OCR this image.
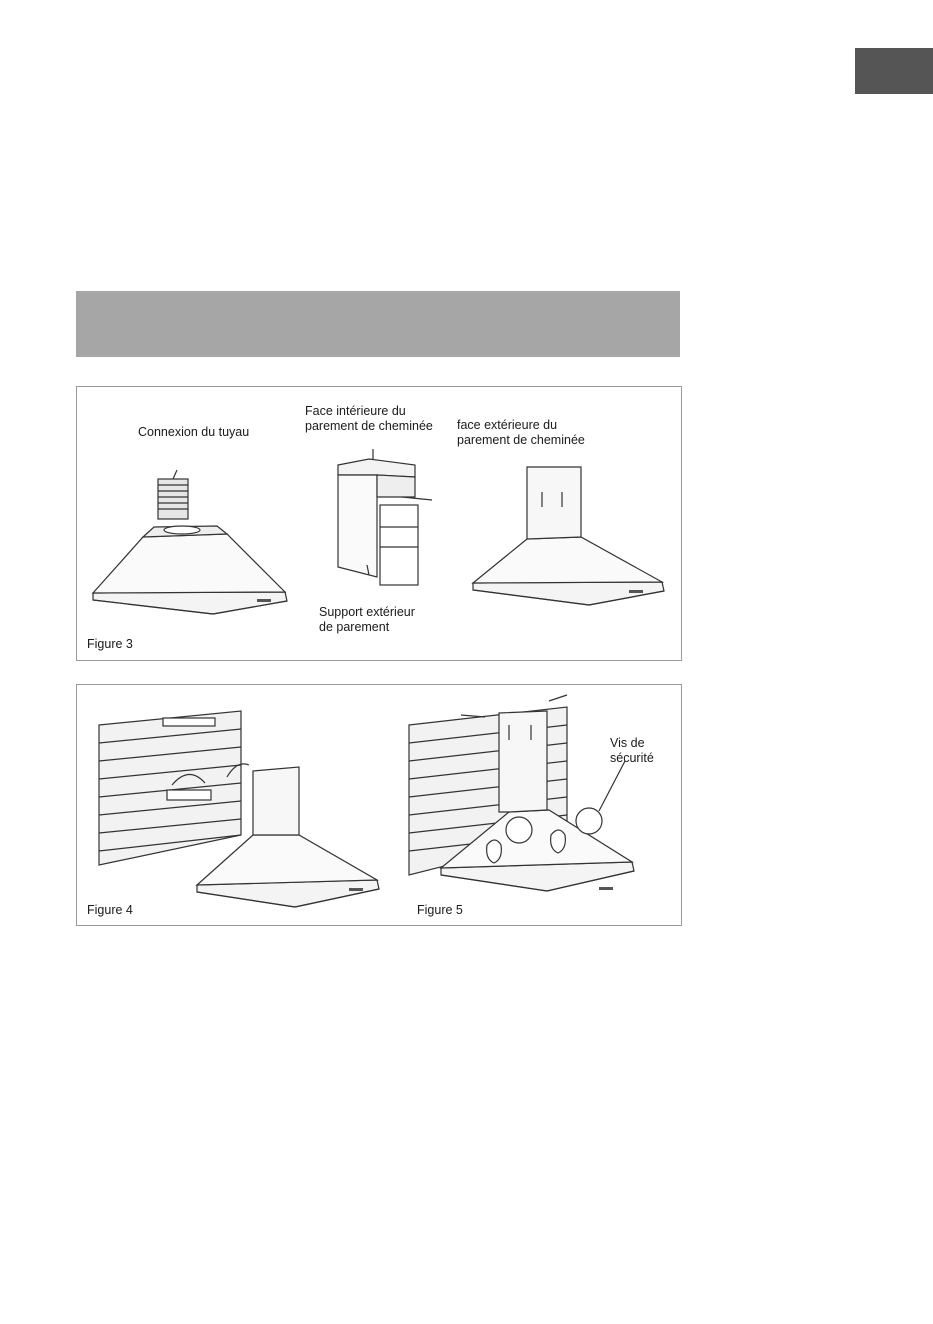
Connexion du tuyau
Face intérieure du
parement de cheminée face extérieure du
parement de cheminée
Support extérieur
de parement
Figure 3
Vis de
sécurité
Figure 4	Figure 5
